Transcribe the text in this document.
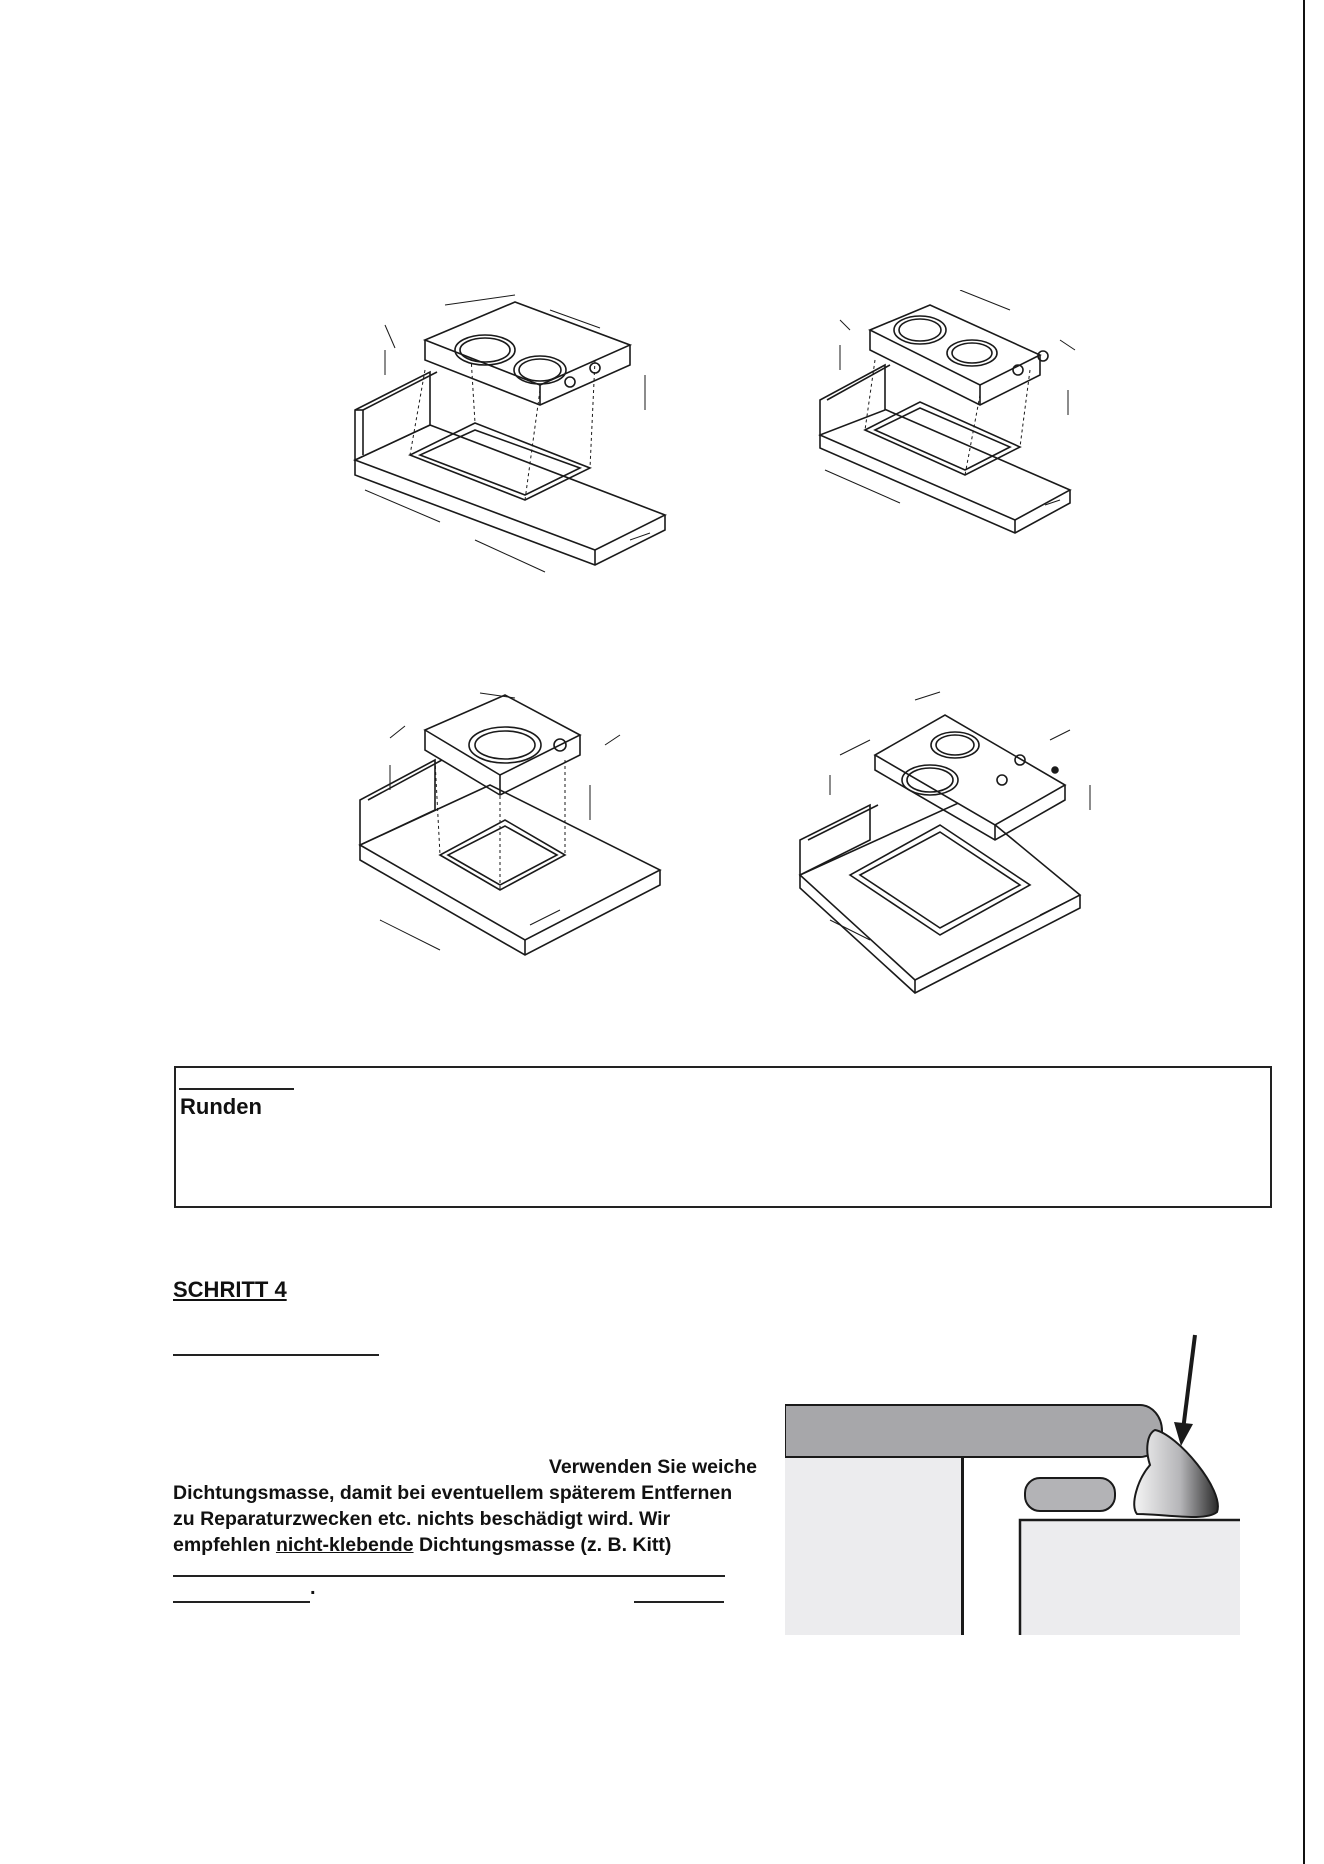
Runden
SCHRITT 4
Verwenden Sie weiche
Dichtungsmasse, damit bei eventuellem späterem Entfernen
zu Reparaturzwecken etc. nichts beschädigt wird. Wir
empfehlen nicht-klebende Dichtungsmasse (z. B. Kitt)
.
